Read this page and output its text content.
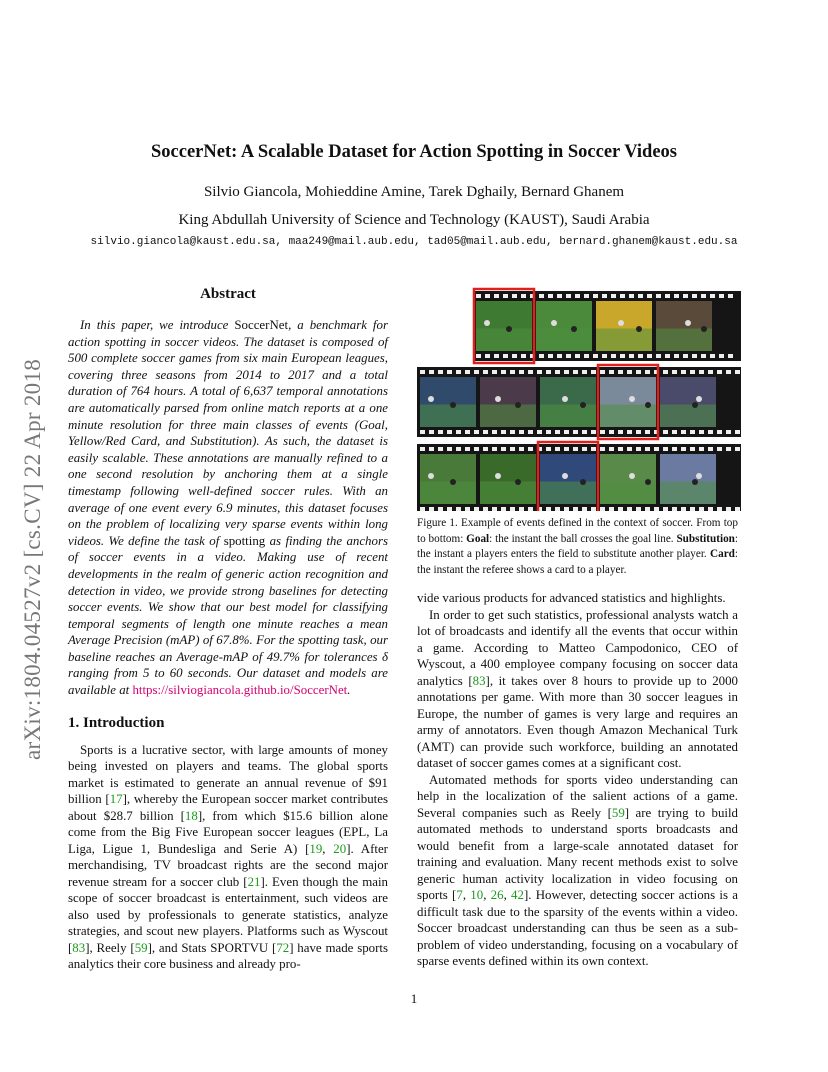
SoccerNet: A Scalable Dataset for Action Spotting in Soccer Videos
Silvio Giancola, Mohieddine Amine, Tarek Dghaily, Bernard Ghanem
King Abdullah University of Science and Technology (KAUST), Saudi Arabia
silvio.giancola@kaust.edu.sa, maa249@mail.aub.edu, tad05@mail.aub.edu, bernard.ghanem@kaust.edu.sa
arXiv:1804.04527v2 [cs.CV] 22 Apr 2018
Abstract

In this paper, we introduce SoccerNet, a benchmark for action spotting in soccer videos. The dataset is composed of 500 complete soccer games from six main European leagues, covering three seasons from 2014 to 2017 and a total duration of 764 hours. A total of 6,637 temporal annotations are automatically parsed from online match reports at a one minute resolution for three main classes of events (Goal, Yellow/Red Card, and Substitution). As such, the dataset is easily scalable. These annotations are manually refined to a one second resolution by anchoring them at a single timestamp following well-defined soccer rules. With an average of one event every 6.9 minutes, this dataset focuses on the problem of localizing very sparse events within long videos. We define the task of spotting as finding the anchors of soccer events in a video. Making use of recent developments in the realm of generic action recognition and detection in video, we provide strong baselines for detecting soccer events. We show that our best model for classifying temporal segments of length one minute reaches a mean Average Precision (mAP) of 67.8%. For the spotting task, our baseline reaches an Average-mAP of 49.7% for tolerances δ ranging from 5 to 60 seconds. Our dataset and models are available at https://silviogiancola.github.io/SoccerNet.

1. Introduction

Sports is a lucrative sector, with large amounts of money being invested on players and teams. The global sports market is estimated to generate an annual revenue of $91 billion [17], whereby the European soccer market contributes about $28.7 billion [18], from which $15.6 billion alone come from the Big Five European soccer leagues (EPL, La Liga, Ligue 1, Bundesliga and Serie A) [19, 20]. After merchandising, TV broadcast rights are the second major revenue stream for a soccer club [21]. Even though the main scope of soccer broadcast is entertainment, such videos are also used by professionals to generate statistics, analyze strategies, and scout new players. Platforms such as Wyscout [83], Reely [59], and Stats SPORTVU [72] have made sports analytics their core business and already pro-

Figure 1. Example of events defined in the context of soccer. From top to bottom: Goal: the instant the ball crosses the goal line. Substitution: the instant a players enters the field to substitute another player. Card: the instant the referee shows a card to a player.

vide various products for advanced statistics and highlights.

In order to get such statistics, professional analysts watch a lot of broadcasts and identify all the events that occur within a game. According to Matteo Campodonico, CEO of Wyscout, a 400 employee company focusing on soccer data analytics [83], it takes over 8 hours to provide up to 2000 annotations per game. With more than 30 soccer leagues in Europe, the number of games is very large and requires an army of annotators. Even though Amazon Mechanical Turk (AMT) can provide such workforce, building an annotated dataset of soccer games comes at a significant cost.

Automated methods for sports video understanding can help in the localization of the salient actions of a game. Several companies such as Reely [59] are trying to build automated methods to understand sports broadcasts and would benefit from a large-scale annotated dataset for training and evaluation. Many recent methods exist to solve generic human activity localization in video focusing on sports [7, 10, 26, 42]. However, detecting soccer actions is a difficult task due to the sparsity of the events within a video. Soccer broadcast understanding can thus be seen as a sub-problem of video understanding, focusing on a vocabulary of sparse events defined within its own context.

1
